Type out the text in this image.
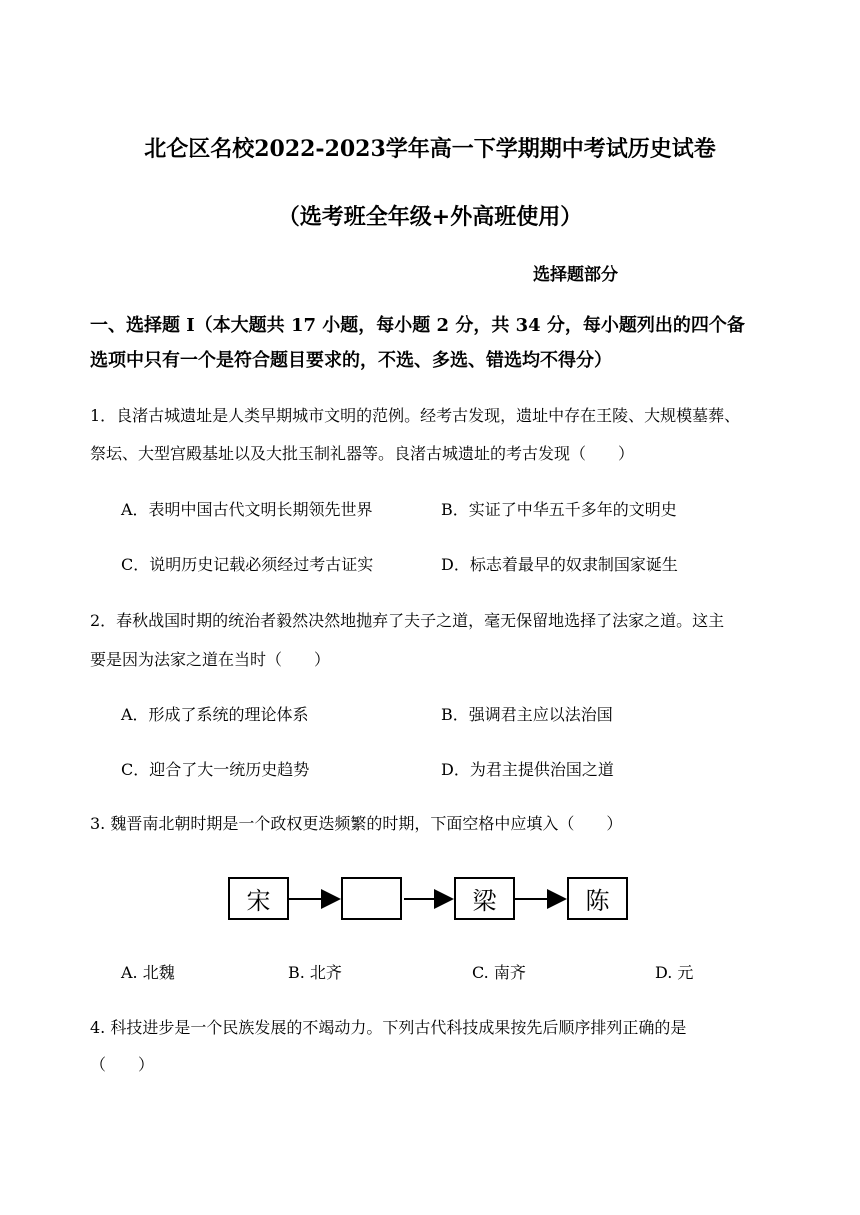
北仑区名校2022-2023学年高一下学期期中考试历史试卷
（选考班全年级+外高班使用）
选择题部分
一、选择题 I（本大题共 17 小题，每小题 2 分，共 34 分，每小题列出的四个备
选项中只有一个是符合题目要求的，不选、多选、错选均不得分）
1．良渚古城遗址是人类早期城市文明的范例。经考古发现，遗址中存在王陵、大规模墓葬、
祭坛、大型宫殿基址以及大批玉制礼器等。良渚古城遗址的考古发现（　　）
A．表明中国古代文明长期领先世界	B．实证了中华五千多年的文明史
C．说明历史记载必须经过考古证实	D．标志着最早的奴隶制国家诞生
2．春秋战国时期的统治者毅然决然地抛弃了夫子之道，毫无保留地选择了法家之道。这主
要是因为法家之道在当时（　　）
A．形成了系统的理论体系	B．强调君主应以法治国
C．迎合了大一统历史趋势	D．为君主提供治国之道
3. 魏晋南北朝时期是一个政权更迭频繁的时期，下面空格中应填入（　　）
宋	梁	陈
A. 北魏	B. 北齐	C. 南齐	D. 元
4. 科技进步是一个民族发展的不竭动力。下列古代科技成果按先后顺序排列正确的是
（　　）
